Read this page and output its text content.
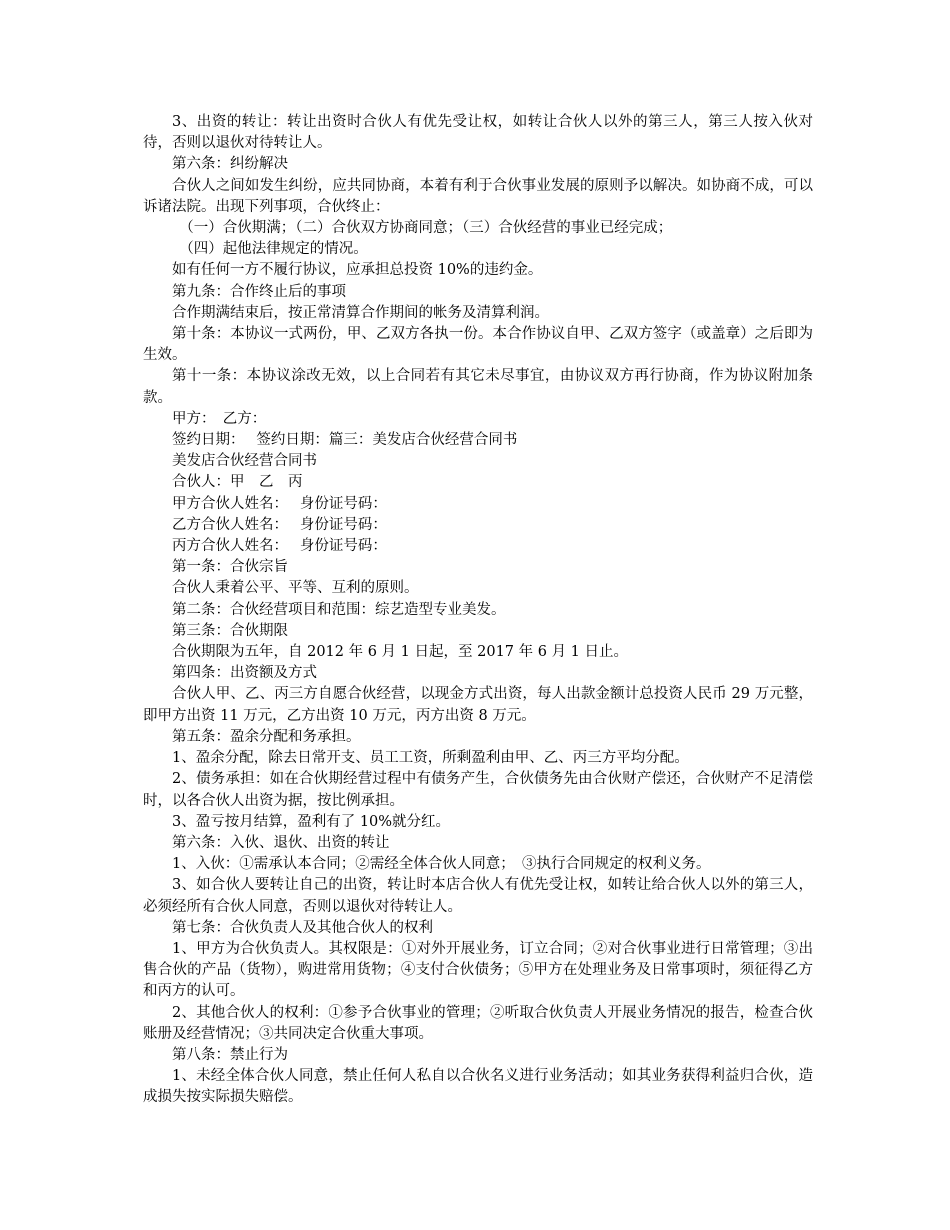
3、出资的转让：转让出资时合伙人有优先受让权，如转让合伙人以外的第三人，第三人按入伙对待，否则以退伙对待转让人。

第六条：纠纷解决

合伙人之间如发生纠纷，应共同协商，本着有利于合伙事业发展的原则予以解决。如协商不成，可以诉诸法院。出现下列事项，合伙终止：

（一）合伙期满；（二）合伙双方协商同意；（三）合伙经营的事业已经完成；

（四）起他法律规定的情况。

如有任何一方不履行协议，应承担总投资 10%的违约金。

第九条：合作终止后的事项

合作期满结束后，按正常清算合作期间的帐务及清算利润。

第十条：本协议一式两份，甲、乙双方各执一份。本合作协议自甲、乙双方签字（或盖章）之后即为生效。

第十一条：本协议涂改无效，以上合同若有其它未尽事宜，由协议双方再行协商，作为协议附加条款。

甲方：　乙方：

签约日期：　 签约日期：篇三：美发店合伙经营合同书

美发店合伙经营合同书

合伙人：甲　乙　丙

甲方合伙人姓名：　 身份证号码：

乙方合伙人姓名：　 身份证号码：

丙方合伙人姓名：　 身份证号码：

第一条：合伙宗旨

合伙人秉着公平、平等、互利的原则。

第二条：合伙经营项目和范围：综艺造型专业美发。

第三条：合伙期限

合伙期限为五年，自 2012 年 6 月 1 日起，至 2017 年 6 月 1 日止。

第四条：出资额及方式

合伙人甲、乙、丙三方自愿合伙经营，以现金方式出资，每人出款金额计总投资人民币 29 万元整，即甲方出资 11 万元，乙方出资 10 万元，丙方出资 8 万元。

第五条：盈余分配和务承担。

1、盈余分配，除去日常开支、员工工资，所剩盈利由甲、乙、丙三方平均分配。

2、债务承担：如在合伙期经营过程中有债务产生，合伙债务先由合伙财产偿还，合伙财产不足清偿时，以各合伙人出资为据，按比例承担。

3、盈亏按月结算，盈利有了 10%就分红。

第六条：入伙、退伙、出资的转让

1、入伙：①需承认本合同；②需经全体合伙人同意；　③执行合同规定的权利义务。

3、如合伙人要转让自己的出资，转让时本店合伙人有优先受让权，如转让给合伙人以外的第三人，必须经所有合伙人同意，否则以退伙对待转让人。

第七条：合伙负责人及其他合伙人的权利

1、甲方为合伙负责人。其权限是：①对外开展业务，订立合同；②对合伙事业进行日常管理；③出售合伙的产品（货物），购进常用货物；④支付合伙债务；⑤甲方在处理业务及日常事项时，须征得乙方和丙方的认可。

2、其他合伙人的权利：①参予合伙事业的管理；②听取合伙负责人开展业务情况的报告，检查合伙账册及经营情况；③共同决定合伙重大事项。

第八条：禁止行为

1、未经全体合伙人同意，禁止任何人私自以合伙名义进行业务活动；如其业务获得利益归合伙，造成损失按实际损失赔偿。
